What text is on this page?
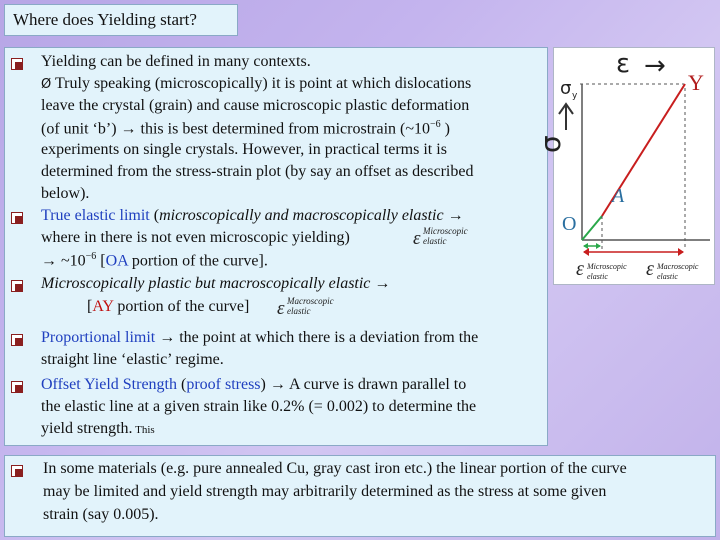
Where does Yielding start?
Yielding can be defined in many contexts.
Ø Truly speaking (microscopically) it is point at which dislocations
leave the crystal (grain) and cause microscopic plastic deformation
(of unit ‘b’) → this is best determined from microstrain ($\sim 10^{-6}$ )
experiments on single crystals. However, in practical terms it is
determined from the stress-strain plot (by say an offset as described
below).
True elastic limit (microscopically and macroscopically elastic →
where in there is not even microscopic yielding)	ε Microscopic
elastic
→ $\sim 10^{-6}$ [OA portion of the curve].
Microscopically plastic but macroscopically elastic →
[AY portion of the curve] ε Macroscopic
elastic
Proportional limit → the point at which there is a deviation from the
straight line ‘elastic’ regime.
Offset Yield Strength (proof stress) → A curve is drawn parallel to
the elastic line at a given strain like 0.2% (= 0.002) to determine the
yield strength. This
ε →
σ y
Y
σ
A
O
ε Microscopic
elastic ε Macroscopic
elastic
In some materials (e.g. pure annealed Cu, gray cast iron etc.) the linear portion of the curve
may be limited and yield strength may arbitrarily determined as the stress at some given
strain (say 0.005).
